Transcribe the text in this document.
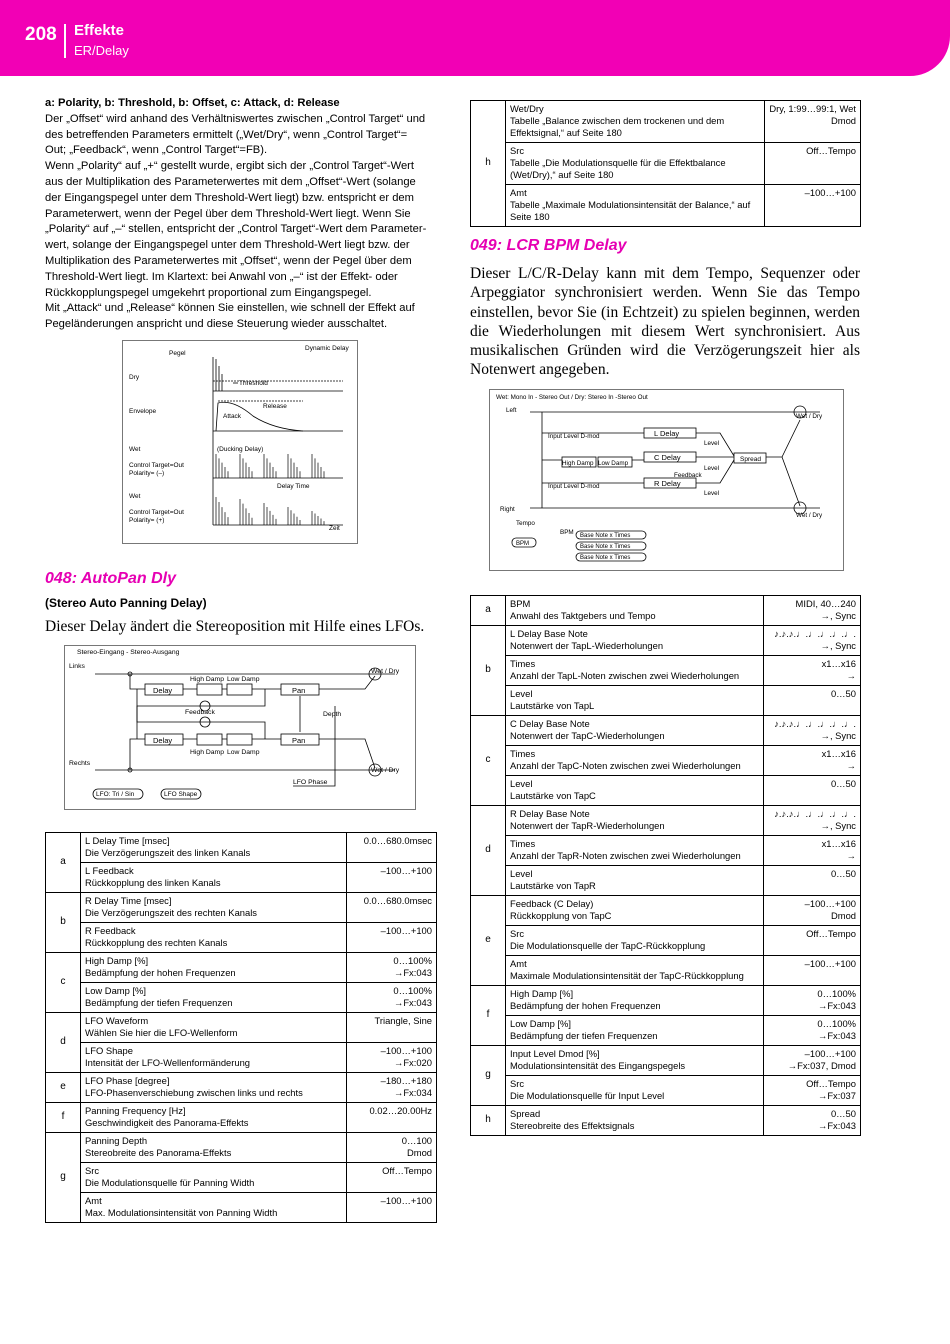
208 Effekte
ER/Delay

a: Polarity, b: Threshold, b: Offset, c: Attack, d: Release

Der „Offset“ wird anhand des Verhältniswertes zwischen „Control Target“ und

des betreffenden Parameters ermittelt („Wet/Dry“, wenn „Control Target“=

Out; „Feedback“, wenn „Control Target“=FB).

Wenn „Polarity“ auf „+“ gestellt wurde, ergibt sich der „Control Target“-Wert

aus der Multiplikation des Parameterwertes mit dem „Offset“-Wert (solange

der Eingangspegel unter dem Threshold-Wert liegt) bzw. entspricht er dem

Parameterwert, wenn der Pegel über dem Threshold-Wert liegt. Wenn Sie

„Polarity“ auf „–“ stellen, entspricht der „Control Target“-Wert dem Parameter-

wert, solange der Eingangspegel unter dem Threshold-Wert liegt bzw. der

Multiplikation des Parameterwertes mit „Offset“, wenn der Pegel über dem

Threshold-Wert liegt. Im Klartext: bei Anwahl von „–“ ist der Effekt- oder

Rückkopplungspegel umgekehrt proportional zum Eingangspegel.

Mit „Attack“ und „Release“ können Sie einstellen, wie schnell der Effekt auf

Pegeländerungen anspricht und diese Steuerung wieder ausschaltet.

Dynamic Delay
Pegel
Dry
Threshold
Release
Envelope
Attack
Wet	(Ducking Delay)
Control Target=Out
Polarity= (–)
Delay Time
Wet
Control Target=Out
Polarity= (+)
Zeit
048: AutoPan Dly
(Stereo Auto Panning Delay)
Dieser Delay ändert die Stereoposition mit Hilfe eines LFOs.
Stereo-Eingang - Stereo-Ausgang
Links
Wet / Dry
High Damp Low Damp
Feedback	Depth
High Damp Low Damp
Rechts
Wet / Dry
LFO Phase
Delay	Pan
Delay	Pan
LFO: Tri / Sin	LFO Shape
a	L Delay Time [msec]
Die Verzögerungszeit des linken Kanals	0.0…680.0msec

	L Feedback
Rückkopplung des linken Kanals	–100…+100

b	R Delay Time [msec]
Die Verzögerungszeit des rechten Kanals	0.0…680.0msec

	R Feedback
Rückkopplung des rechten Kanals	–100…+100

c	High Damp [%]
Bedämpfung der hohen Frequenzen	0…100%
→Fx:043

	Low Damp [%]
Bedämpfung der tiefen Frequenzen	0…100%
→Fx:043

d	LFO Waveform
Wählen Sie hier die LFO-Wellenform	Triangle, Sine

	LFO Shape
Intensität der LFO-Wellenformänderung	–100…+100
→Fx:020

e	LFO Phase [degree]
LFO-Phasenverschiebung zwischen links und rechts	–180…+180
→Fx:034

f	Panning Frequency [Hz]
Geschwindigkeit des Panorama-Effekts	0.02…20.00Hz

g	Panning Depth
Stereobreite des Panorama-Effekts	0…100
Dmod

	Src
Die Modulationsquelle für Panning Width	Off…Tempo

	Amt
Max. Modulationsintensität von Panning Width	–100…+100
h	Wet/Dry
Tabelle „Balance zwischen dem trockenen und dem Effektsignal,“ auf Seite 180	Dry, 1:99…99:1, Wet
Dmod

	Src
Tabelle „Die Modulationsquelle für die Effektbalance (Wet/Dry),“ auf Seite 180	Off…Tempo

	Amt
Tabelle „Maximale Modulationsintensität der Balance,“ auf Seite 180	–100…+100
049: LCR BPM Delay
Dieser L/C/R-Delay kann mit dem Tempo, Sequenzer oder Arpeggiator synchronisiert werden. Wenn Sie das Tempo einstellen, bevor Sie (in Echtzeit) zu spielen beginnen, werden die Wiederholungen mit diesem Wert synchronisiert. Aus musikalischen Gründen wird die Verzögerungszeit hier als Notenwert angegeben.
Wet: Mono In - Stereo Out / Dry: Stereo In -Stereo Out
Left
Wet / Dry
Input Level D-mod
Level
High Damp Low Damp
Level
Feedback
Input Level D-mod
Level
Right
Wet / Dry
Tempo
BPM
L Delay
C Delay
R Delay
Spread
BPM
Base Note x Times
Base Note x Times
Base Note x Times
a	BPM
Anwahl des Taktgebers und Tempo	MIDI, 40…240
→, Sync

b	L Delay Base Note
Notenwert der TapL-Wiederholungen	♪.♪.♪.♩.♩.♩.♩.♩.
→, Sync

	Times
Anzahl der TapL-Noten zwischen zwei Wiederholungen	x1…x16
→

	Level
Lautstärke von TapL	0…50

c	C Delay Base Note
Notenwert der TapC-Wiederholungen	♪.♪.♪.♩.♩.♩.♩.♩.
→, Sync

	Times
Anzahl der TapC-Noten zwischen zwei Wiederholungen	x1…x16
→

	Level
Lautstärke von TapC	0…50

d	R Delay Base Note
Notenwert der TapR-Wiederholungen	♪.♪.♪.♩.♩.♩.♩.♩.
→, Sync

	Times
Anzahl der TapR-Noten zwischen zwei Wiederholungen	x1…x16
→

	Level
Lautstärke von TapR	0…50

e	Feedback (C Delay)
Rückkopplung von TapC	–100…+100
Dmod

	Src
Die Modulationsquelle der TapC-Rückkopplung	Off…Tempo

	Amt
Maximale Modulationsintensität der TapC-Rückkopplung	–100…+100

f	High Damp [%]
Bedämpfung der hohen Frequenzen	0…100%
→Fx:043

	Low Damp [%]
Bedämpfung der tiefen Frequenzen	0…100%
→Fx:043

g	Input Level Dmod [%]
Modulationsintensität des Eingangspegels	–100…+100
→Fx:037, Dmod

	Src
Die Modulationsquelle für Input Level	Off…Tempo
→Fx:037

h	Spread
Stereobreite des Effektsignals	0…50
→Fx:043
